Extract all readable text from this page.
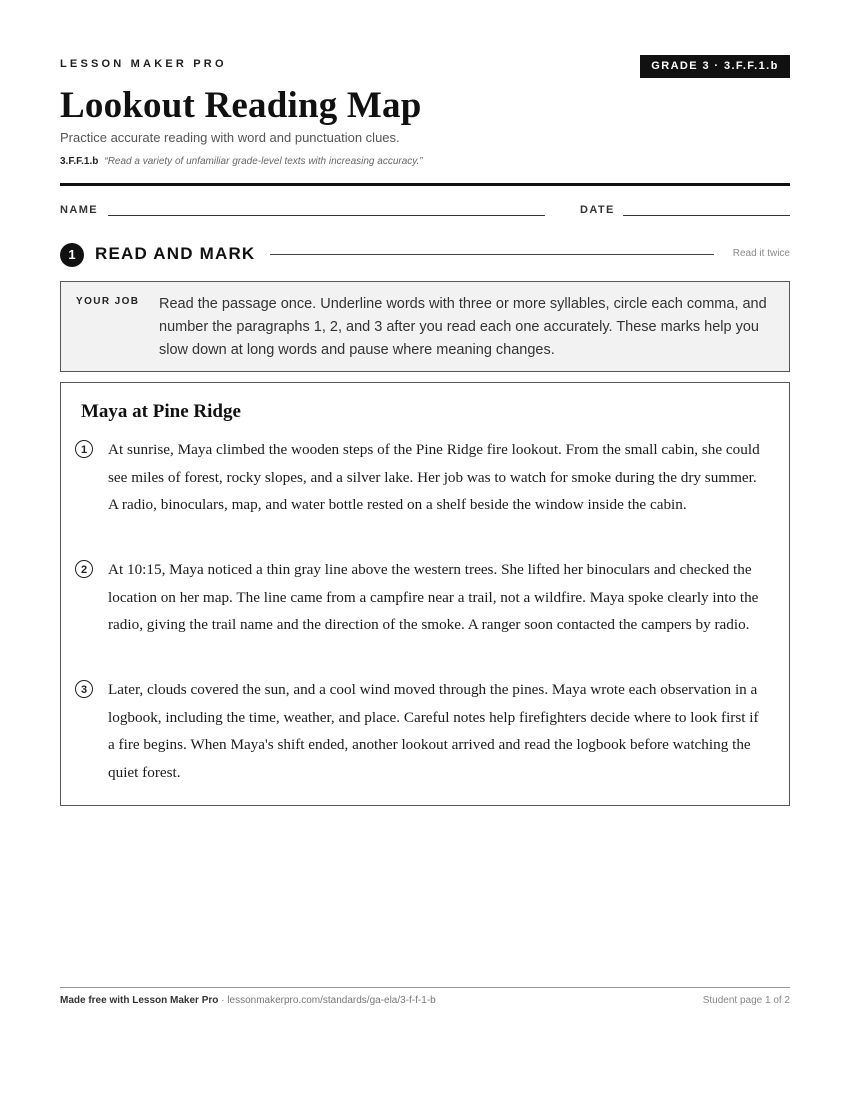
LESSON MAKER PRO	GRADE 3 · 3.F.F.1.b
Lookout Reading Map
Practice accurate reading with word and punctuation clues.
3.F.F.1.b “Read a variety of unfamiliar grade-level texts with increasing accuracy.”
NAME	DATE
1	READ AND MARK	Read it twice
YOUR JOB Read the passage once. Underline words with three or more syllables, circle each comma, and number the paragraphs 1, 2, and 3 after you read each one accurately. These marks help you slow down at long words and pause where meaning changes.
Maya at Pine Ridge
1	At sunrise, Maya climbed the wooden steps of the Pine Ridge fire lookout. From the small cabin, she could see miles of forest, rocky slopes, and a silver lake. Her job was to watch for smoke during the dry summer. A radio, binoculars, map, and water bottle rested on a shelf beside the window inside the cabin.
2	At 10:15, Maya noticed a thin gray line above the western trees. She lifted her binoculars and checked the location on her map. The line came from a campfire near a trail, not a wildfire. Maya spoke clearly into the radio, giving the trail name and the direction of the smoke. A ranger soon contacted the campers by radio.
3	Later, clouds covered the sun, and a cool wind moved through the pines. Maya wrote each observation in a logbook, including the time, weather, and place. Careful notes help firefighters decide where to look first if a fire begins. When Maya's shift ended, another lookout arrived and read the logbook before watching the quiet forest.
Made free with Lesson Maker Pro · lessonmakerpro.com/standards/ga-ela/3-f-f-1-b	Student page 1 of 2
